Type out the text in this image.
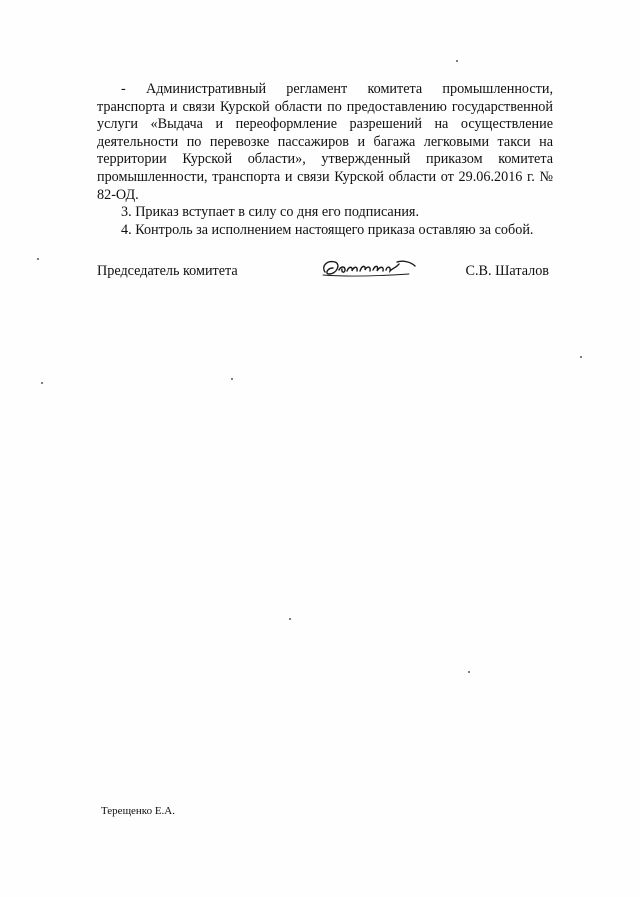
- Административный регламент комитета промышленности, транспорта и связи Курской области по предоставлению государственной услуги «Выдача и переоформление разрешений на осуществление деятельности по перевозке пассажиров и багажа легковыми такси на территории Курской области», утвержденный приказом комитета промышленности, транспорта и связи Курской области от 29.06.2016 г. № 82-ОД.

3. Приказ вступает в силу со дня его подписания.

4. Контроль за исполнением настоящего приказа оставляю за собой.

Председатель комитета	С.В. Шаталов
Терещенко Е.А.
